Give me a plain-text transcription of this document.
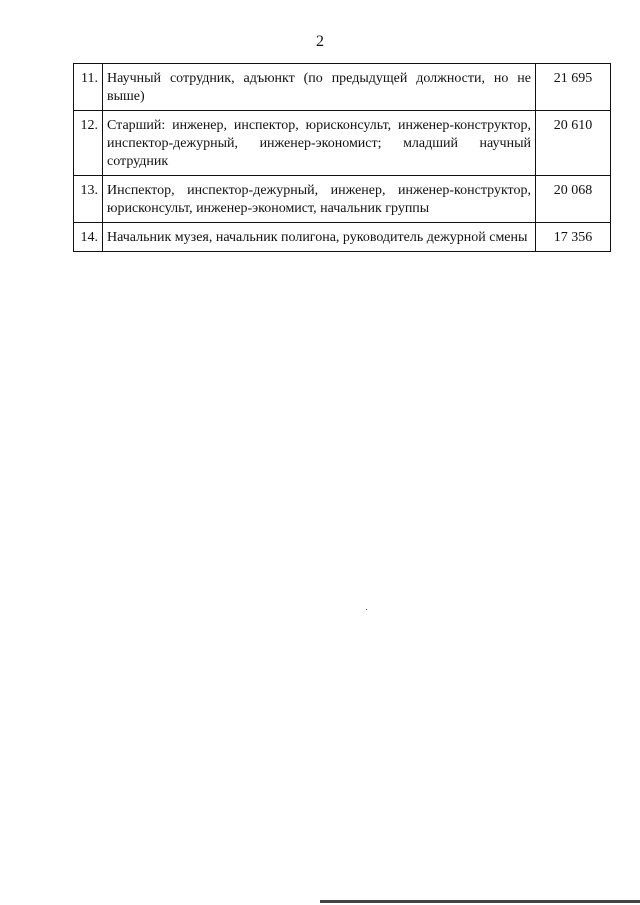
2
11.	Научный сотрудник, адъюнкт (по предыдущей должности, но не выше)	21 695
12.	Старший: инженер, инспектор, юрисконсульт, инженер-конструктор, инспектор-дежурный, инженер-экономист; младший научный сотрудник	20 610
13.	Инспектор, инспектор-дежурный, инженер, инженер-конструктор, юрисконсульт, инженер-экономист, начальник группы	20 068
14.	Начальник музея, начальник полигона, руководитель дежурной смены	17 356
